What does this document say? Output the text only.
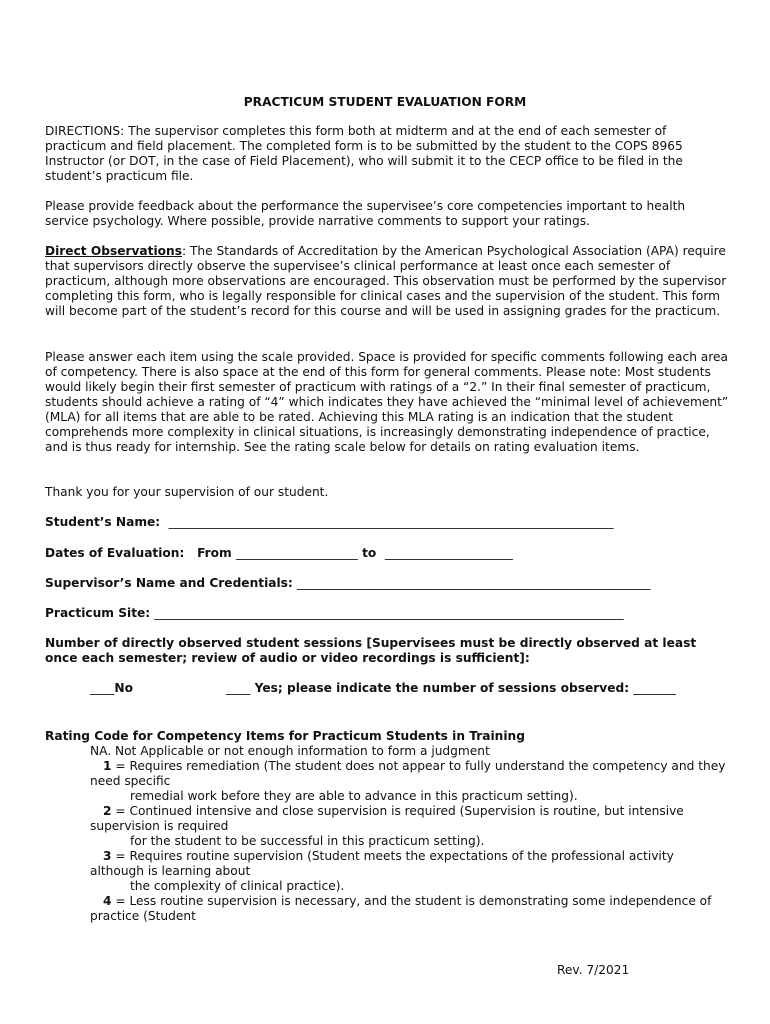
PRACTICUM STUDENT EVALUATION FORM

DIRECTIONS: The supervisor completes this form both at midterm and at the end of each semester of practicum and field placement. The completed form is to be submitted by the student to the COPS 8965 Instructor (or DOT, in the case of Field Placement), who will submit it to the CECP office to be filed in the student’s practicum file.

Please provide feedback about the performance the supervisee’s core competencies important to health service psychology. Where possible, provide narrative comments to support your ratings.

Direct Observations: The Standards of Accreditation by the American Psychological Association (APA) require that supervisors directly observe the supervisee’s clinical performance at least once each semester of practicum, although more observations are encouraged. This observation must be performed by the supervisor completing this form, who is legally responsible for clinical cases and the supervision of the student. This form will become part of the student’s record for this course and will be used in assigning grades for the practicum.

Please answer each item using the scale provided. Space is provided for specific comments following each area of competency. There is also space at the end of this form for general comments. Please note: Most students would likely begin their first semester of practicum with ratings of a “2.” In their final semester of practicum, students should achieve a rating of “4” which indicates they have achieved the “minimal level of achievement” (MLA) for all items that are able to be rated. Achieving this MLA rating is an indication that the student comprehends more complexity in clinical situations, is increasingly demonstrating independence of practice, and is thus ready for internship. See the rating scale below for details on rating evaluation items.

Thank you for your supervision of our student.

Student’s Name: _________________________________________________________________________
Dates of Evaluation: From ____________________ to _____________________
Supervisor’s Name and Credentials: __________________________________________________________
Practicum Site: _____________________________________________________________________________
Number of directly observed student sessions [Supervisees must be directly observed at least once each semester; review of audio or video recordings is sufficient]:
____No	____ Yes; please indicate the number of sessions observed: _______
Rating Code for Competency Items for Practicum Students in Training
NA. Not Applicable or not enough information to form a judgment
1 = Requires remediation (The student does not appear to fully understand the competency and they need specific
remedial work before they are able to advance in this practicum setting).
2 = Continued intensive and close supervision is required (Supervision is routine, but intensive supervision is required
for the student to be successful in this practicum setting).
3 = Requires routine supervision (Student meets the expectations of the professional activity although is learning about
the complexity of clinical practice).
4 = Less routine supervision is necessary, and the student is demonstrating some independence of practice (Student
Rev. 7/2021
